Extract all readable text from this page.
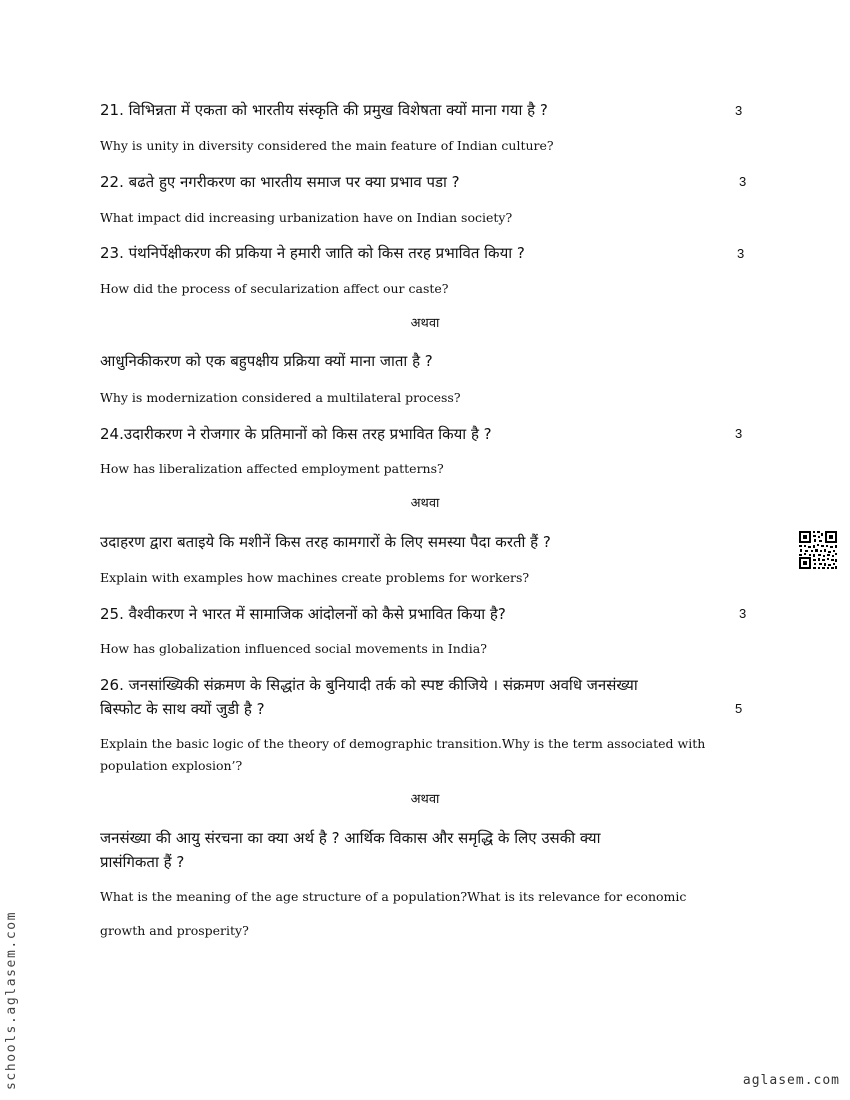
21. विभिन्नता में एकता को भारतीय संस्कृति की प्रमुख विशेषता क्यों माना गया है ?	3
Why is unity in diversity considered the main feature of Indian culture?
22. बढते हुए नगरीकरण का भारतीय समाज पर क्या प्रभाव पडा ?	3
What impact did increasing urbanization have on Indian society?
23. पंथनिर्पेक्षीकरण की प्रकिया ने हमारी जाति को किस तरह प्रभावित किया ?	3
How did the process of secularization affect our caste?
अथवा
आधुनिकीकरण को एक बहुपक्षीय प्रक्रिया क्यों माना जाता है ?
Why is modernization considered a multilateral process?
24.उदारीकरण ने रोजगार के प्रतिमानों को किस तरह प्रभावित किया है ?	3
How has liberalization affected employment patterns?
अथवा
उदाहरण द्वारा बताइये कि मशीनें किस तरह कामगारों के लिए समस्या पैदा करती हैं ?
Explain with examples how machines create problems for workers?
25. वैश्वीकरण ने भारत में सामाजिक आंदोलनों को कैसे प्रभावित किया है?	3
How has globalization influenced social movements in India?
26. जनसांख्यिकी संक्रमण के सिद्धांत के बुनियादी तर्क को स्पष्ट कीजिये । संक्रमण अवधि जनसंख्या
बिस्फोट के साथ क्यों जुडी है ?	5
Explain the basic logic of the theory of demographic transition.Why is the term associated with
population explosion’?
अथवा
जनसंख्या की आयु संरचना का क्या अर्थ है ? आर्थिक विकास और समृद्धि के लिए उसकी क्या
प्रासंगिकता हैं ?
What is the meaning of the age structure of a population?What is its relevance for economic
growth and prosperity?
schools.aglasem.com	aglasem.com
